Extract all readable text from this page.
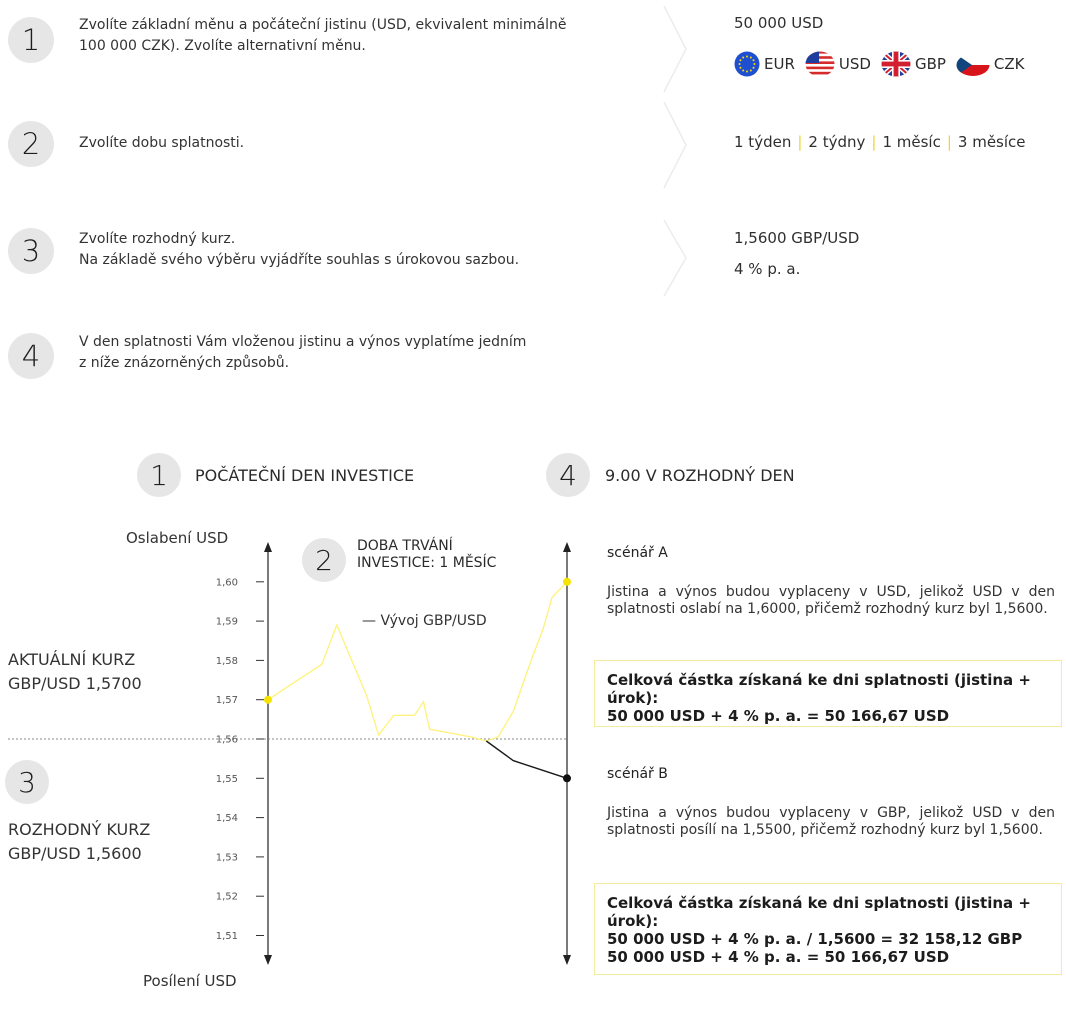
1	Zvolíte základní měnu a počáteční jistinu (USD, ekvivalent minimálně
100 000 CZK). Zvolíte alternativní měnu.
2	Zvolíte dobu splatnosti.
3	Zvolíte rozhodný kurz.
Na základě svého výběru vyjádříte souhlas s úrokovou sazbou.
4	V den splatnosti Vám vloženou jistinu a výnos vyplatíme jedním
z níže znázorněných způsobů.
50 000 USD
EUR	USD	GBP	CZK
1 týden | 2 týdny | 1 měsíc | 3 měsíce
1,5600 GBP/USD
4 % p. a.
1	POČÁTEČNÍ DEN INVESTICE	4	9.00 V ROZHODNÝ DEN
Oslabení USD
Posílení USD
2	DOBA TRVÁNÍ
INVESTICE: 1 MĚSÍC
— Vývoj GBP/USD
AKTUÁLNÍ KURZ
GBP/USD 1,5700
3
ROZHODNÝ KURZ
GBP/USD 1,5600
1,60
1,59
1,58
1,57
1,56
1,55
1,54
1,53
1,52
1,51
scénář A
Jistina a výnos budou vyplaceny v USD, jelikož USD v den splatnosti oslabí na 1,6000, přičemž rozhodný kurz byl 1,5600.
Celková částka získaná ke dni splatnosti (jistina + úrok):
50 000 USD + 4 % p. a. = 50 166,67 USD
scénář B
Jistina a výnos budou vyplaceny v GBP, jelikož USD v den splatnosti posílí na 1,5500, přičemž rozhodný kurz byl 1,5600.
Celková částka získaná ke dni splatnosti (jistina + úrok):
50 000 USD + 4 % p. a. / 1,5600 = 32 158,12 GBP
50 000 USD + 4 % p. a. = 50 166,67 USD
